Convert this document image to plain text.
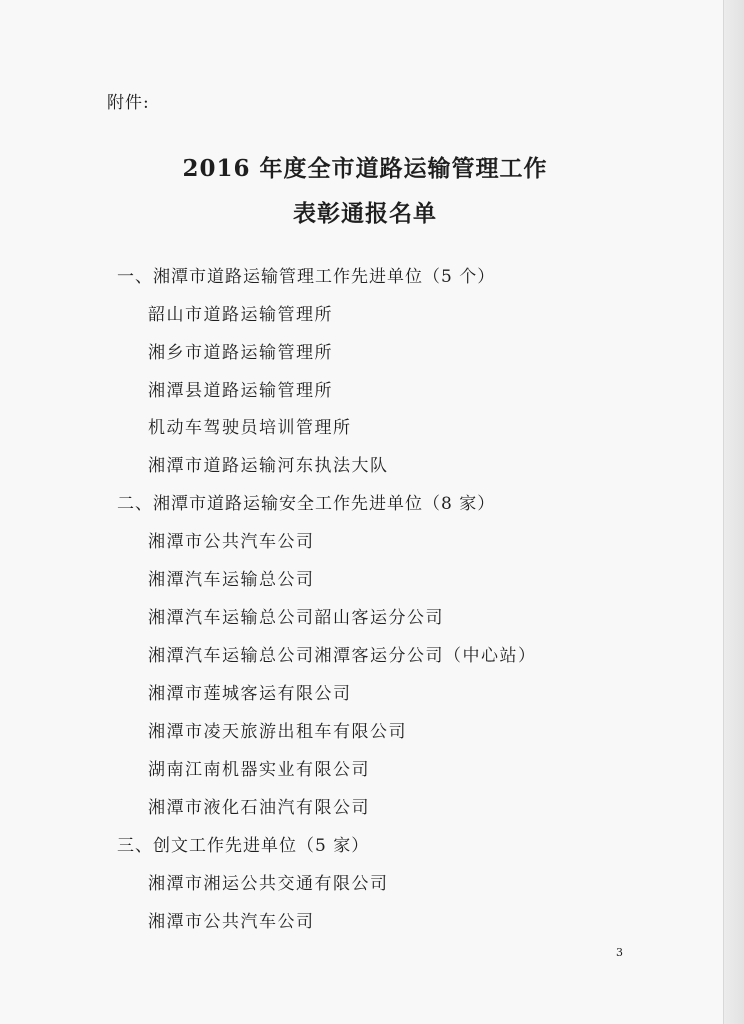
附件:
2016 年度全市道路运输管理工作
表彰通报名单
一、湘潭市道路运输管理工作先进单位（5 个）
韶山市道路运输管理所
湘乡市道路运输管理所
湘潭县道路运输管理所
机动车驾驶员培训管理所
湘潭市道路运输河东执法大队
二、湘潭市道路运输安全工作先进单位（8 家）
湘潭市公共汽车公司
湘潭汽车运输总公司
湘潭汽车运输总公司韶山客运分公司
湘潭汽车运输总公司湘潭客运分公司（中心站）
湘潭市莲城客运有限公司
湘潭市凌天旅游出租车有限公司
湖南江南机器实业有限公司
湘潭市液化石油汽有限公司
三、创文工作先进单位（5 家）
湘潭市湘运公共交通有限公司
湘潭市公共汽车公司
3
